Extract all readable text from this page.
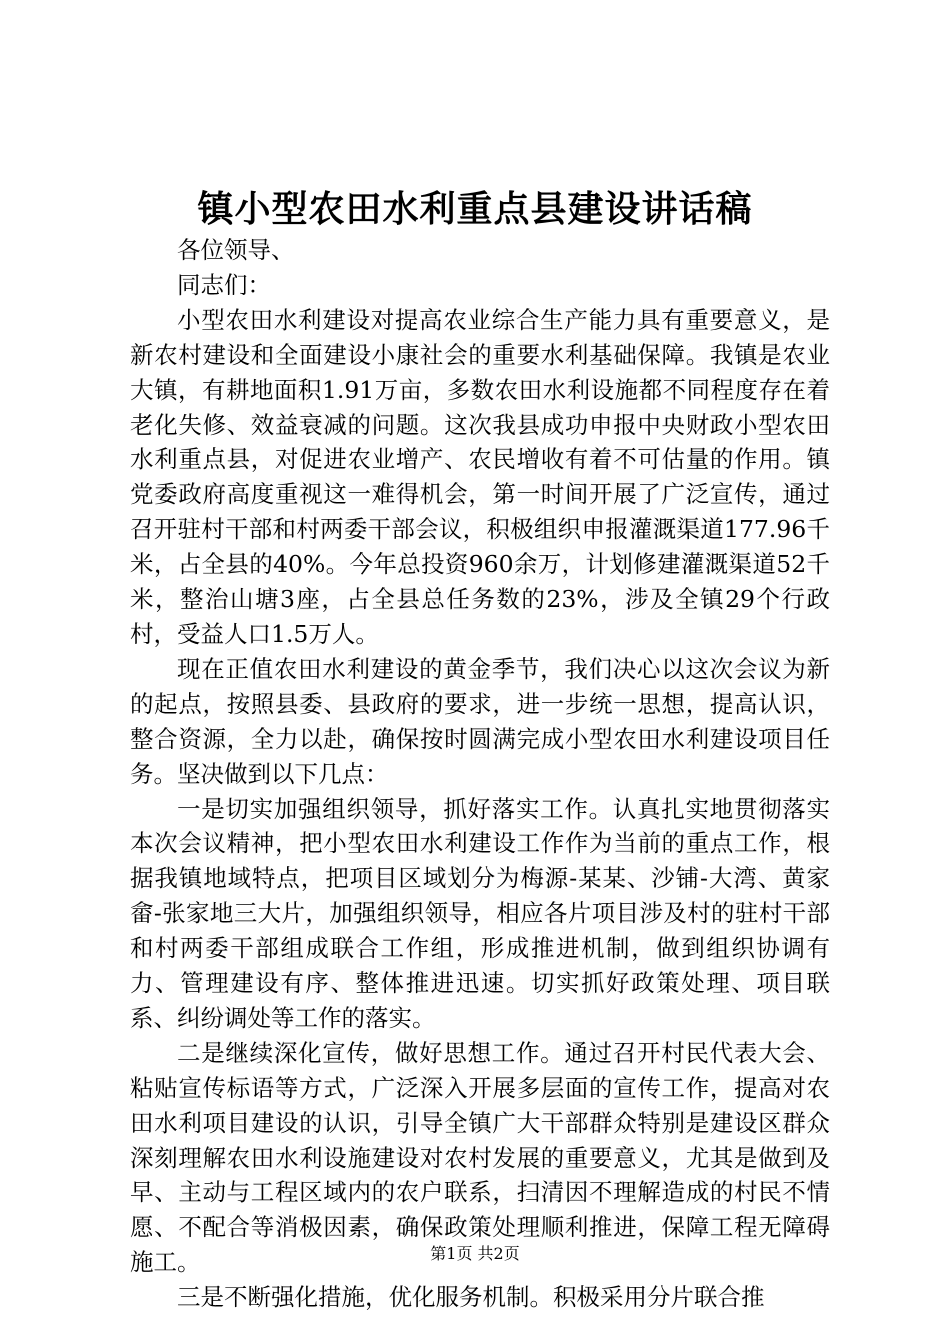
镇小型农田水利重点县建设讲话稿

各位领导、

同志们：

小型农田水利建设对提高农业综合生产能力具有重要意义，是新农村建设和全面建设小康社会的重要水利基础保障。我镇是农业大镇，有耕地面积1.91万亩，多数农田水利设施都不同程度存在着老化失修、效益衰减的问题。这次我县成功申报中央财政小型农田水利重点县，对促进农业增产、农民增收有着不可估量的作用。镇党委政府高度重视这一难得机会，第一时间开展了广泛宣传，通过召开驻村干部和村两委干部会议，积极组织申报灌溉渠道177.96千米，占全县的40%。今年总投资960余万，计划修建灌溉渠道52千米，整治山塘3座，占全县总任务数的23%，涉及全镇29个行政村，受益人口1.5万人。

现在正值农田水利建设的黄金季节，我们决心以这次会议为新的起点，按照县委、县政府的要求，进一步统一思想，提高认识，整合资源，全力以赴，确保按时圆满完成小型农田水利建设项目任务。坚决做到以下几点：

一是切实加强组织领导，抓好落实工作。认真扎实地贯彻落实本次会议精神，把小型农田水利建设工作作为当前的重点工作，根据我镇地域特点，把项目区域划分为梅源-某某、沙铺-大湾、黄家畲-张家地三大片，加强组织领导，相应各片项目涉及村的驻村干部和村两委干部组成联合工作组，形成推进机制，做到组织协调有力、管理建设有序、整体推进迅速。切实抓好政策处理、项目联系、纠纷调处等工作的落实。

二是继续深化宣传，做好思想工作。通过召开村民代表大会、粘贴宣传标语等方式，广泛深入开展多层面的宣传工作，提高对农田水利项目建设的认识，引导全镇广大干部群众特别是建设区群众深刻理解农田水利设施建设对农村发展的重要意义，尤其是做到及早、主动与工程区域内的农户联系，扫清因不理解造成的村民不情愿、不配合等消极因素，确保政策处理顺利推进，保障工程无障碍施工。

三是不断强化措施，优化服务机制。积极采用分片联合推

第1页 共2页
